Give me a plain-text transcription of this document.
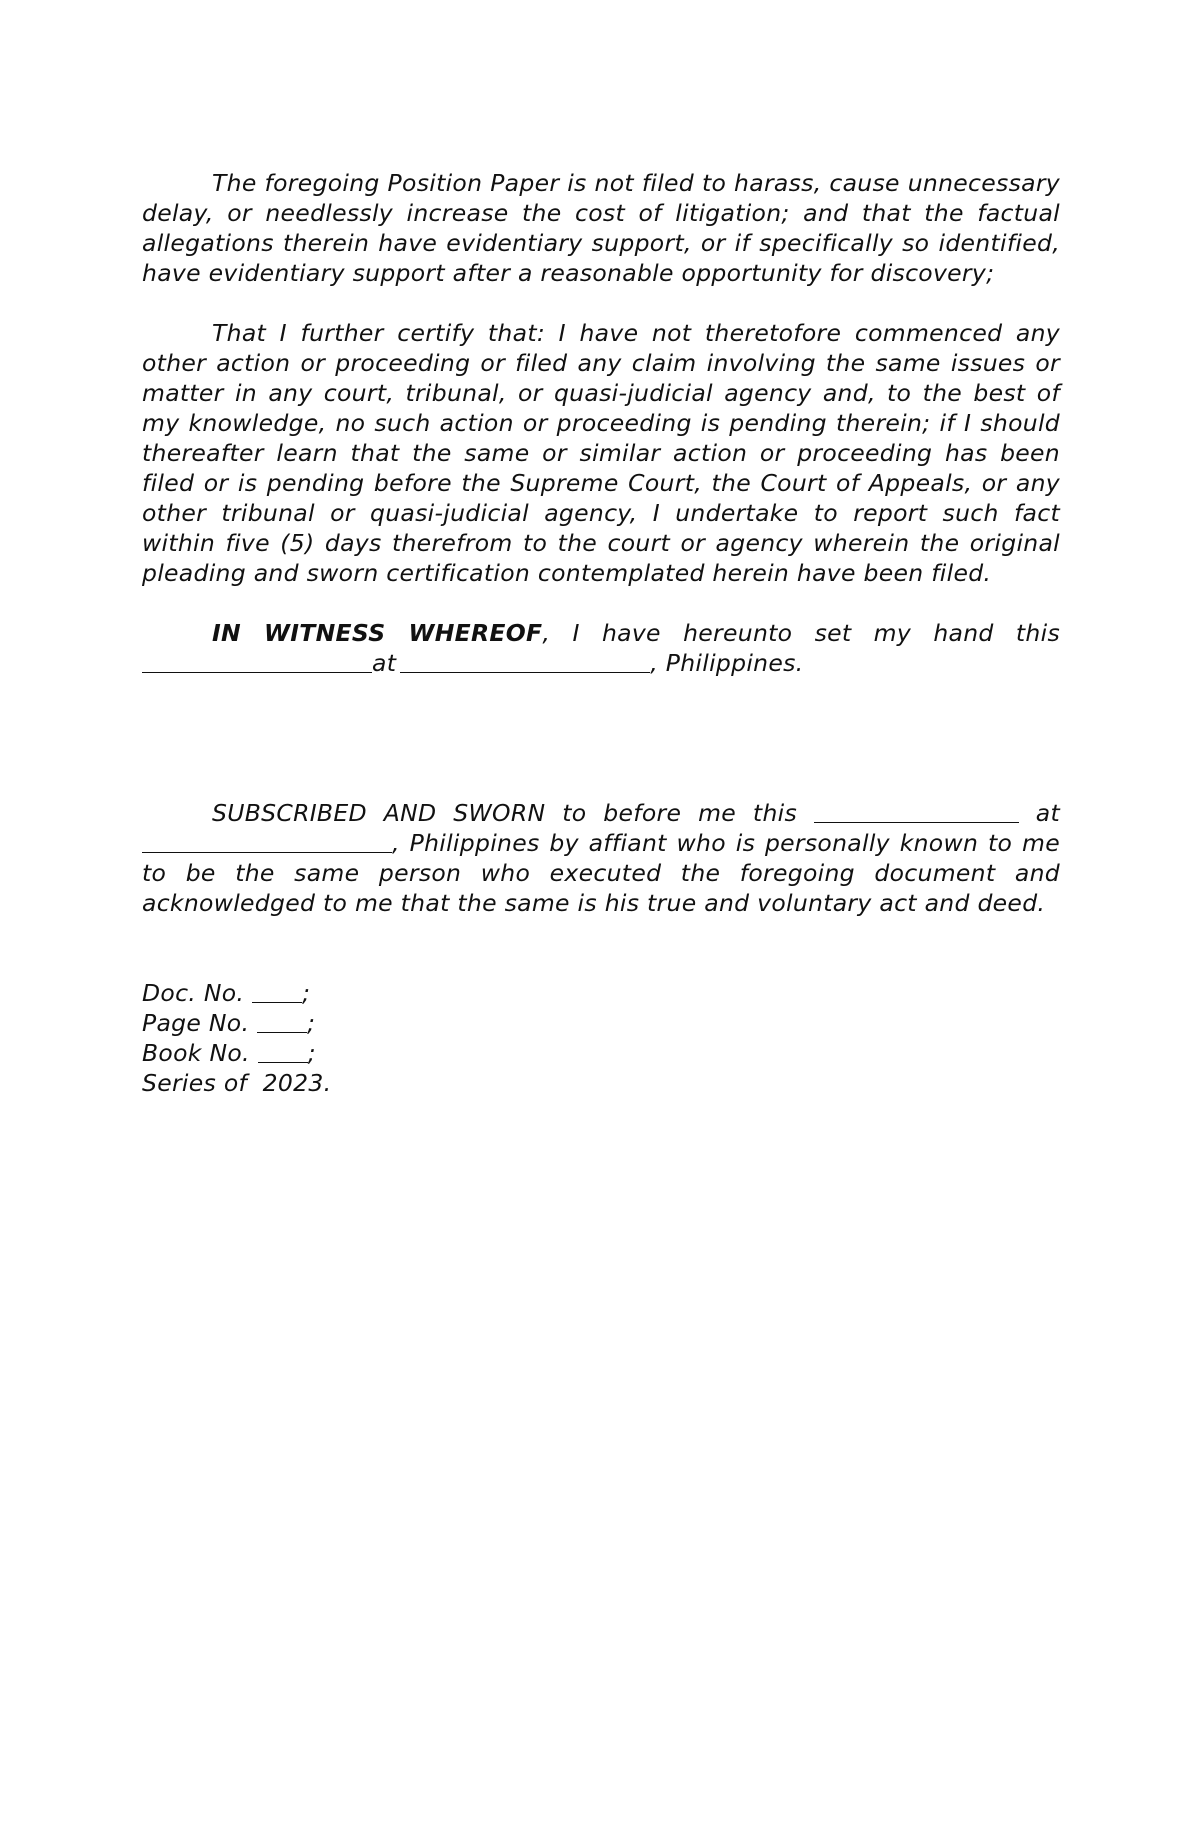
The foregoing Position Paper is not filed to harass, cause unnecessary delay, or needlessly increase the cost of litigation; and that the factual allegations therein have evidentiary support, or if specifically so identified, have evidentiary support after a reasonable opportunity for discovery;

That I further certify that: I have not theretofore commenced any other action or proceeding or filed any claim involving the same issues or matter in any court, tribunal, or quasi-judicial agency and, to the best of my knowledge, no such action or proceeding is pending therein; if I should thereafter learn that the same or similar action or proceeding has been filed or is pending before the Supreme Court, the Court of Appeals, or any other tribunal or quasi-judicial agency, I undertake to report such fact within five (5) days therefrom to the court or agency wherein the original pleading and sworn certification contemplated herein have been filed.

IN WITNESS WHEREOF, I have hereunto set my hand this at	, Philippines.

SUBSCRIBED AND SWORN to before me this	at , Philippines by affiant who is personally known to me to be the same person who executed the foregoing document and acknowledged to me that the same is his true and voluntary act and deed.

Doc. No. ;

Page No. ;

Book No. ;

Series of  2023.
